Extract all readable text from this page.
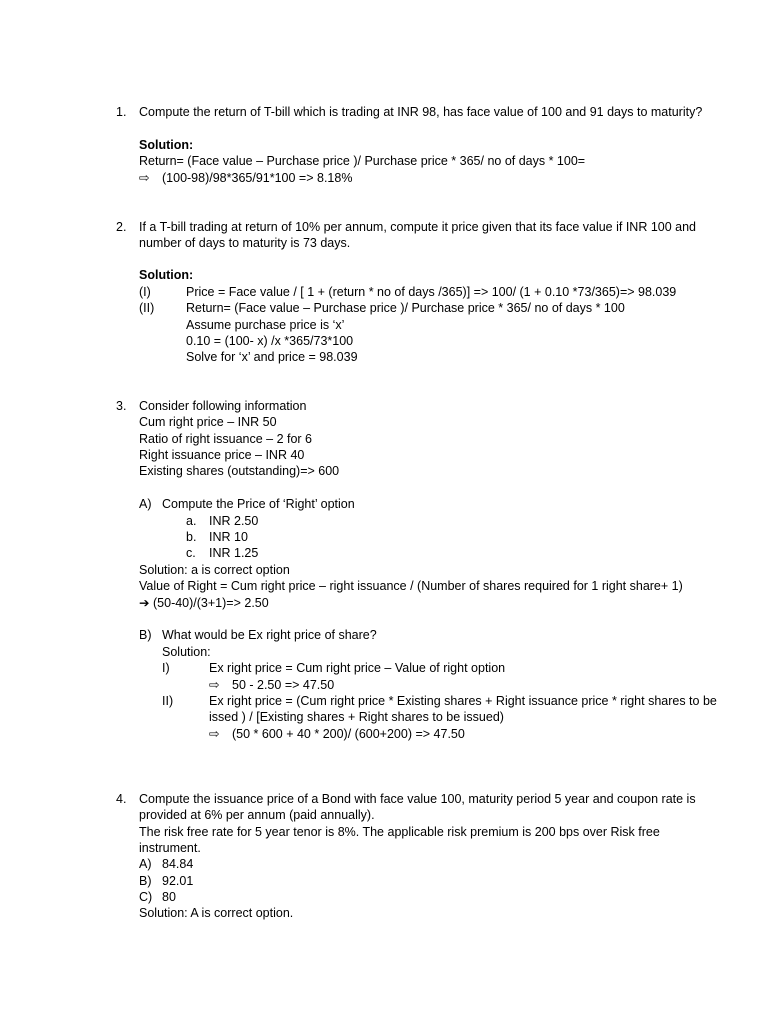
1. Compute the return of T-bill which is trading at INR 98, has face value of 100 and 91 days to maturity?
Solution:
Return= (Face value – Purchase price )/ Purchase price * 365/ no of days * 100=
⇨ (100-98)/98*365/91*100 => 8.18%
2. If a T-bill trading at return of 10% per annum, compute it price given that its face value if INR 100 and
number of days to maturity is 73 days.
Solution:
(I)	Price = Face value / [ 1 + (return * no of days /365)] => 100/ (1 + 0.10 *73/365)=> 98.039
(II)	Return= (Face value – Purchase price )/ Purchase price * 365/ no of days * 100
Assume purchase price is ‘x’
0.10 = (100- x) /x *365/73*100
Solve for ‘x’ and price = 98.039
3. Consider following information
Cum right price – INR 50
Ratio of right issuance – 2 for 6
Right issuance price – INR 40
Existing shares (outstanding)=> 600
A) Compute the Price of ‘Right’ option
a. INR 2.50
b. INR 10
c. INR 1.25
Solution: a is correct option
Value of Right = Cum right price – right issuance / (Number of shares required for 1 right share+ 1)
➔ (50-40)/(3+1)=> 2.50
B) What would be Ex right price of share?
Solution:
I)	Ex right price = Cum right price – Value of right option
⇨ 50 - 2.50 => 47.50
II)	Ex right price = (Cum right price * Existing shares + Right issuance price * right shares to be
issed ) / [Existing shares + Right shares to be issued)
⇨ (50 * 600 + 40 * 200)/ (600+200) => 47.50
4. Compute the issuance price of a Bond with face value 100, maturity period 5 year and coupon rate is
provided at 6% per annum (paid annually).
The risk free rate for 5 year tenor is 8%. The applicable risk premium is 200 bps over Risk free
instrument.
A) 84.84
B) 92.01
C) 80
Solution: A is correct option.
